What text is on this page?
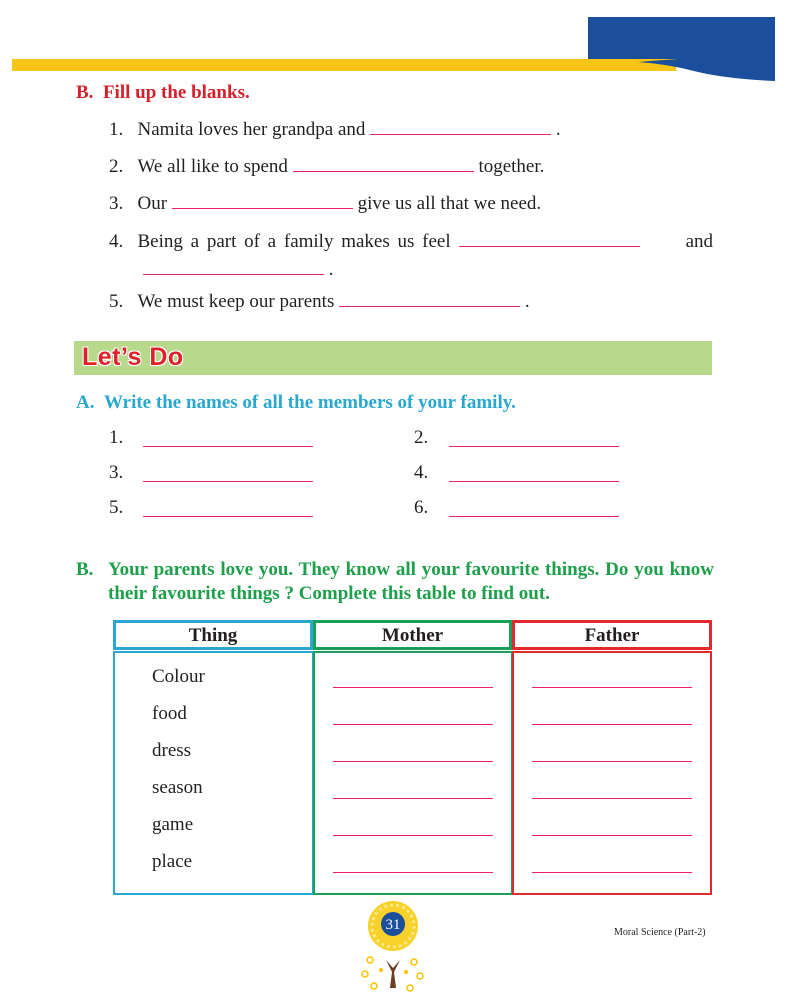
B. Fill up the blanks.
1. Namita loves her grandpa and	.
2. We all like to spend	together.
3. Our	give us all that we need.
4. Being a part of a family makes us feel	and
.
5. We must keep our parents	.
Let’s Do
A. Write the names of all the members of your family.
1.	2.
3.	4.
5.	6.
B. Your parents love you. They know all your favourite things. Do you know their favourite things ? Complete this table to find out.
Thing	Mother	Father
Colour
food
dress
season
game
place
31	Moral Science (Part-2)
